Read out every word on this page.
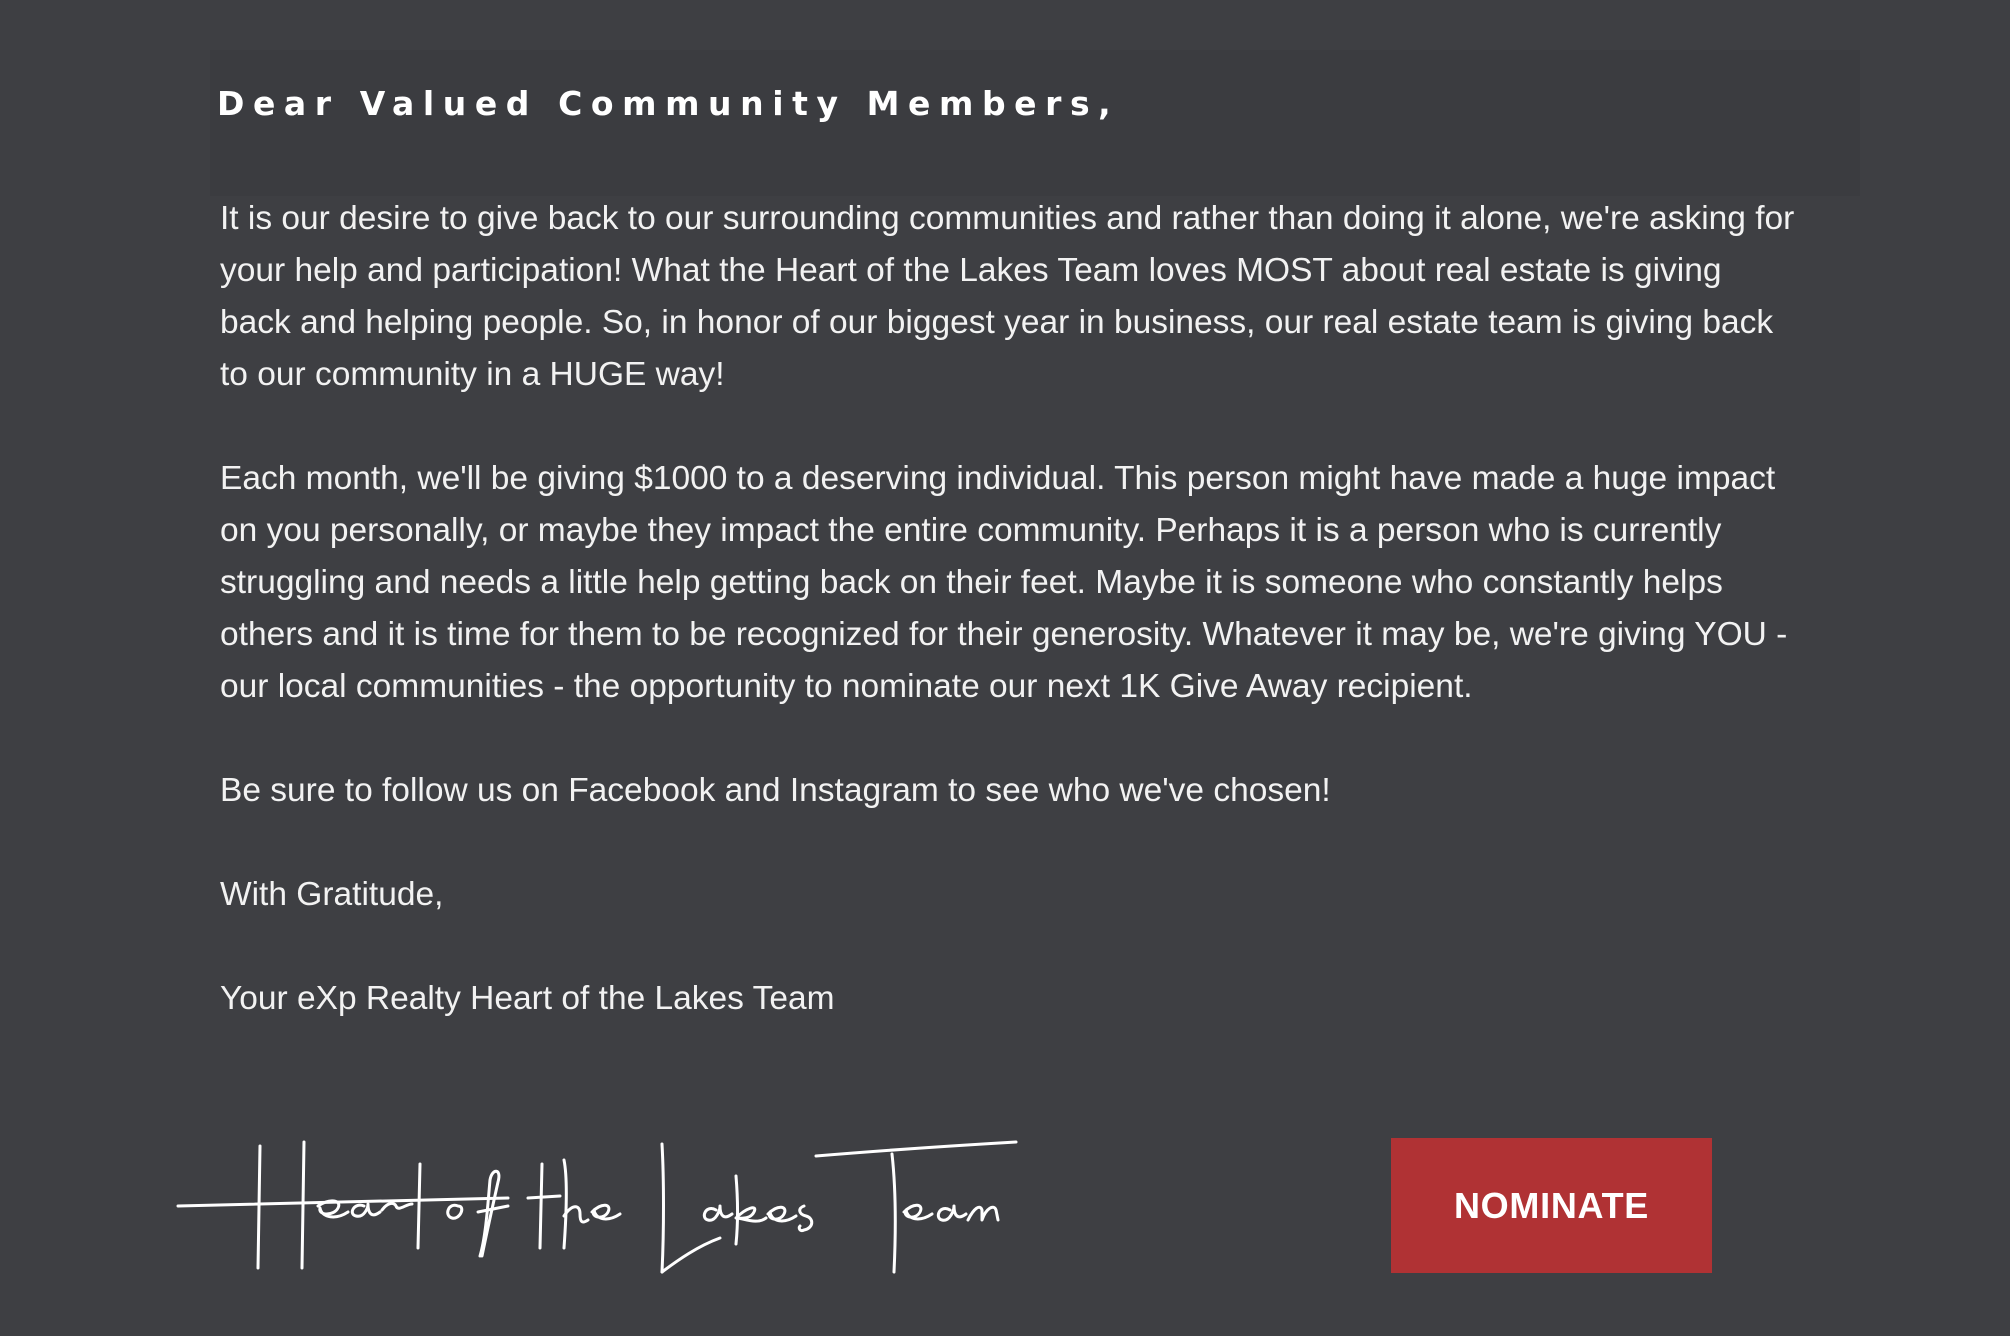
Dear Valued Community Members,

It is our desire to give back to our surrounding communities and rather than doing it alone, we're asking for your help and participation! What the Heart of the Lakes Team loves MOST about real estate is giving back and helping people. So, in honor of our biggest year in business, our real estate team is giving back to our community in a HUGE way!

Each month, we'll be giving $1000 to a deserving individual. This person might have made a huge impact on you personally, or maybe they impact the entire community. Perhaps it is a person who is currently struggling and needs a little help getting back on their feet. Maybe it is someone who constantly helps others and it is time for them to be recognized for their generosity. Whatever it may be, we're giving YOU - our local communities - the opportunity to nominate our next 1K Give Away recipient.

Be sure to follow us on Facebook and Instagram to see who we've chosen!

With Gratitude,

Your eXp Realty Heart of the Lakes Team

NOMINATE
